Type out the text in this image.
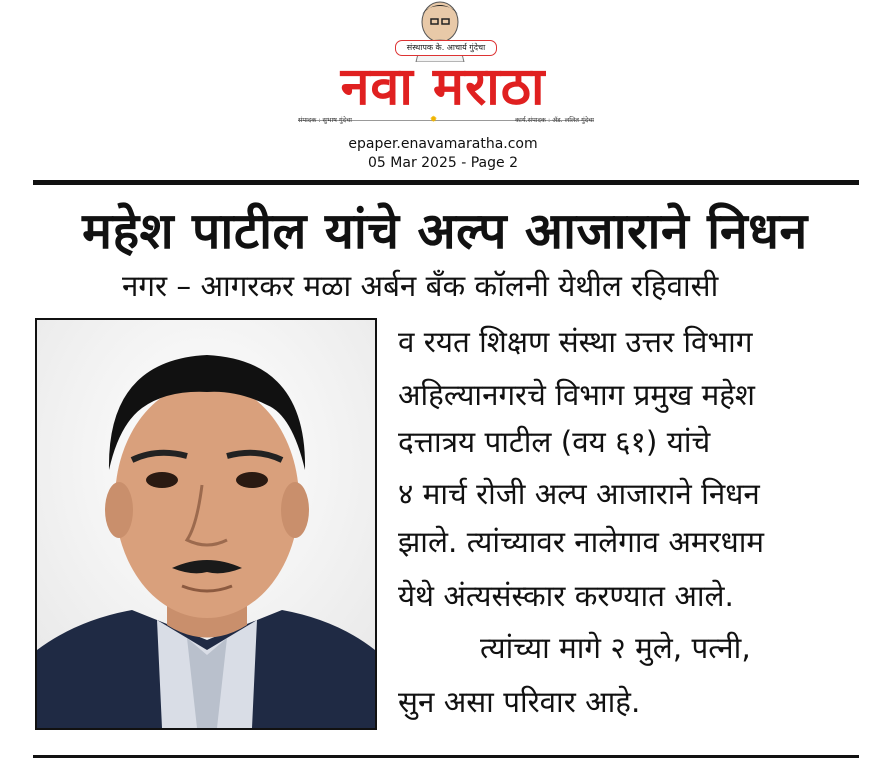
संस्थापक के. आचार्य गुंदेचा
नवा मराठा
संपादक : सुभाष गुंदेचा	✹	कार्य.संपादक : ॲड. ललित गुंदेचा
epaper.enavamaratha.com
05 Mar 2025 - Page 2
महेश पाटील यांचे अल्प आजाराने निधन
नगर – आगरकर मळा अर्बन बँक कॉलनी येथील रहिवासी
व रयत शिक्षण संस्था उत्तर विभाग
अहिल्यानगरचे विभाग प्रमुख महेश
दत्तात्रय पाटील (वय ६१) यांचे
४ मार्च रोजी अल्प आजाराने निधन
झाले. त्यांच्यावर नालेगाव अमरधाम
येथे अंत्यसंस्कार करण्यात आले.
त्यांच्या मागे २ मुले, पत्नी,
सुन असा परिवार आहे.
